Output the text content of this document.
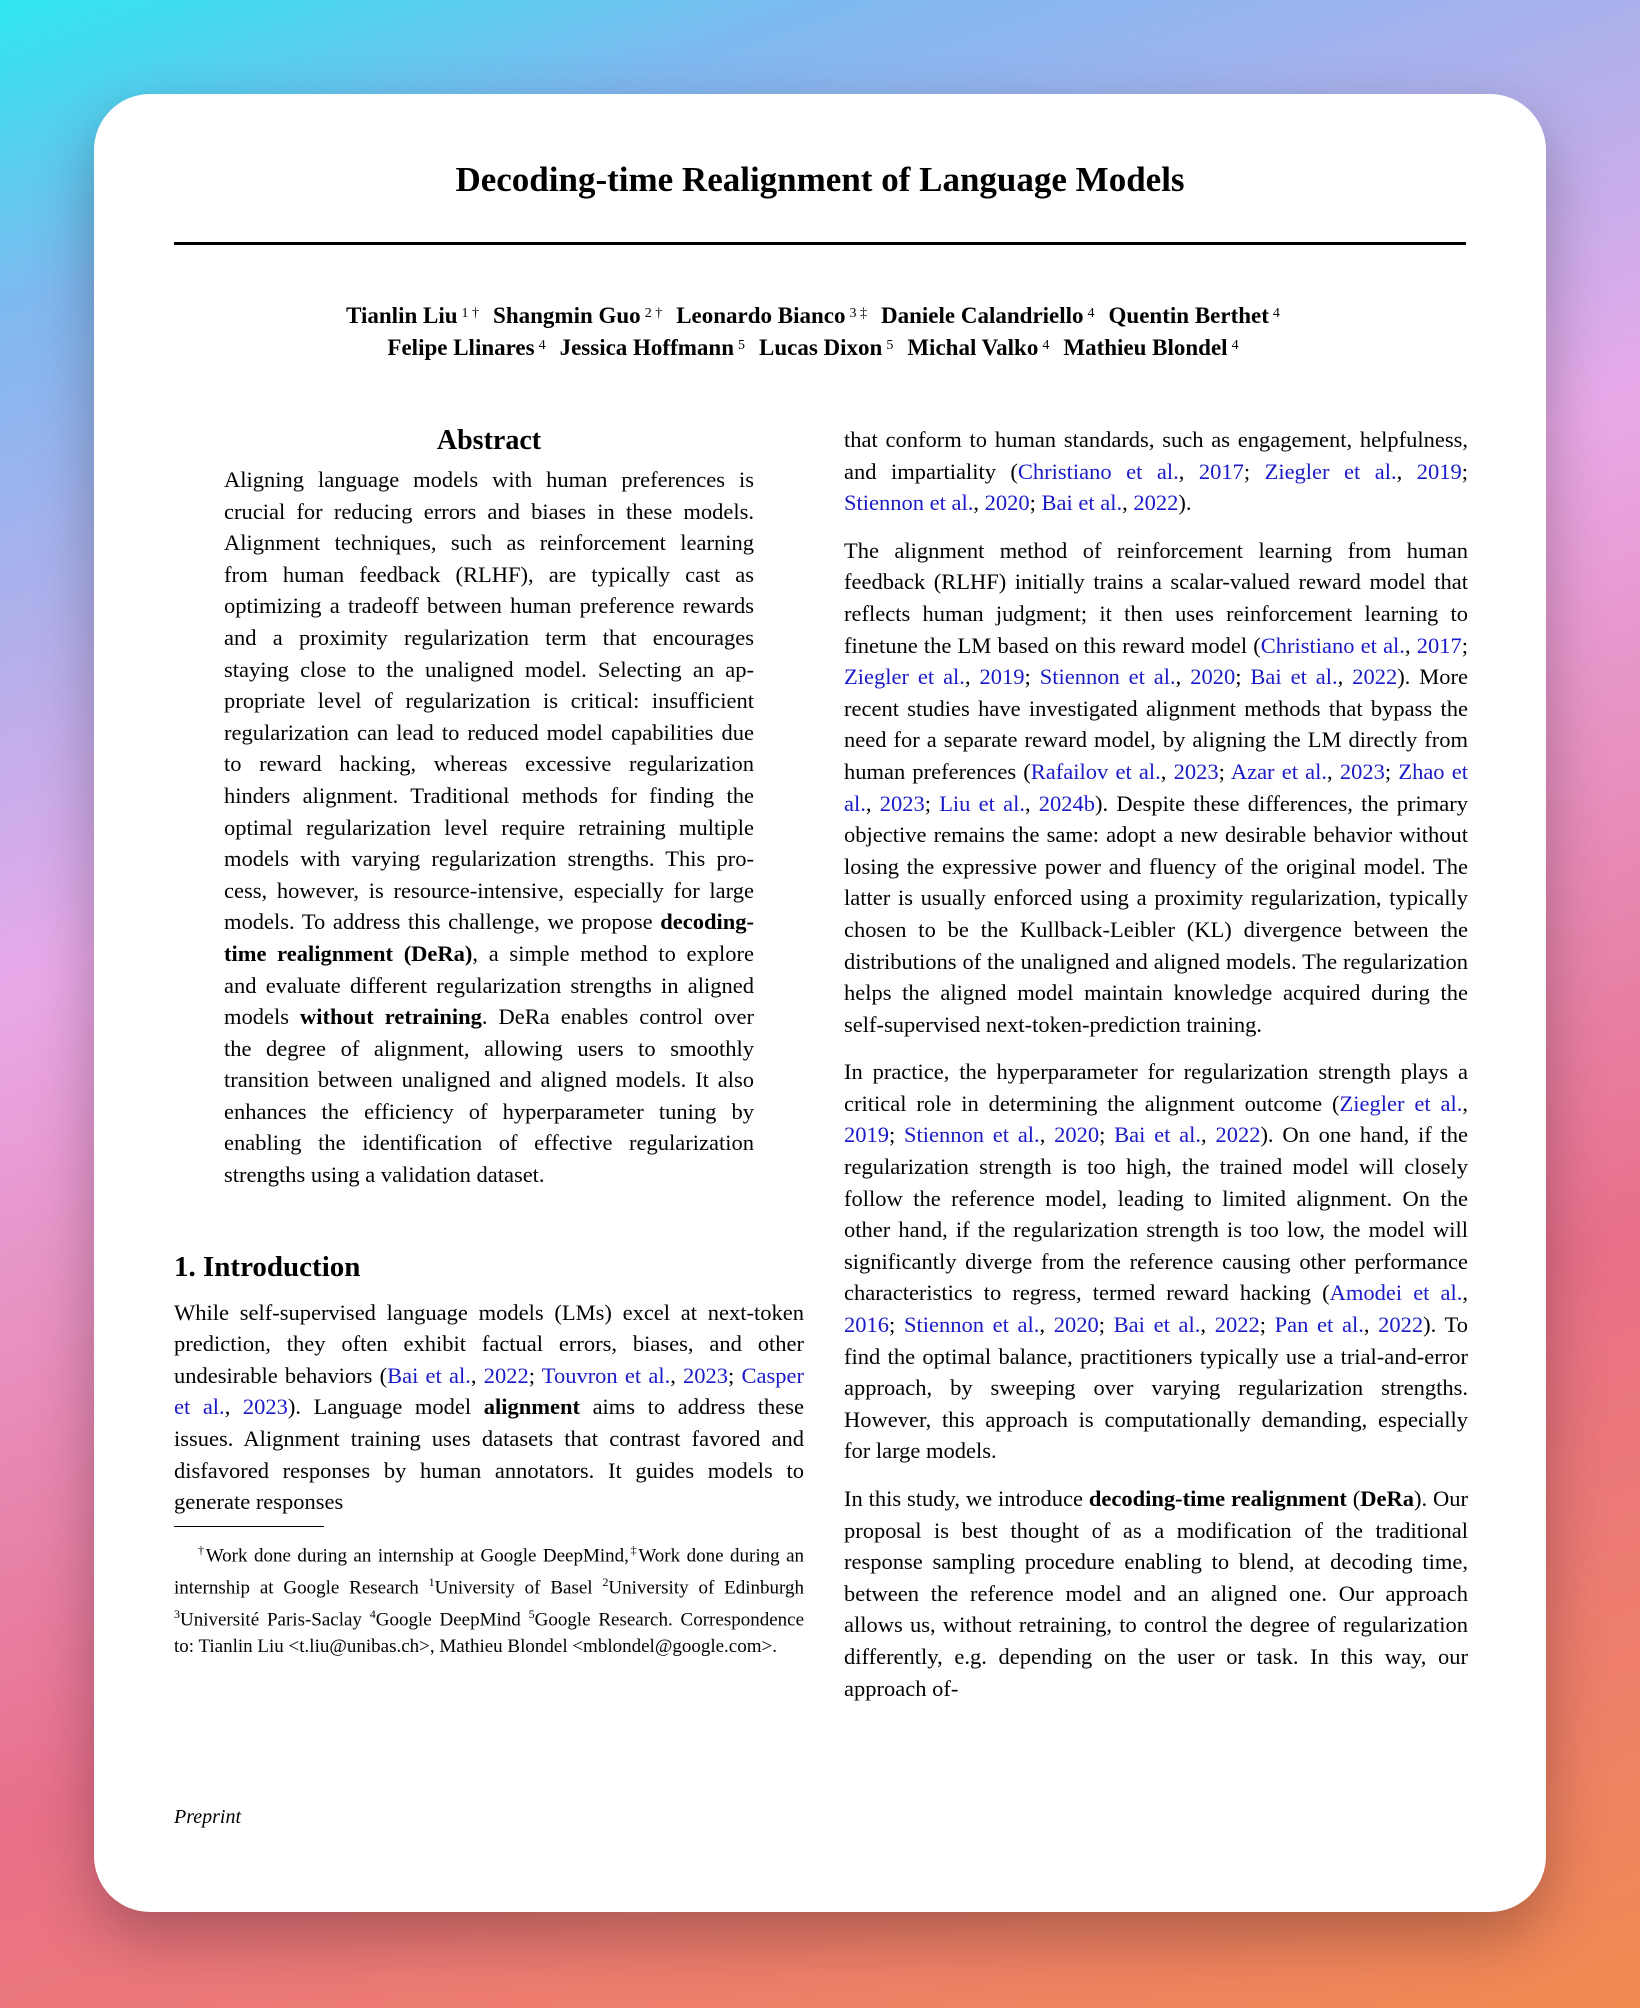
Decoding-time Realignment of Language Models
Tianlin Liu $^{1 \dagger}$ Shangmin Guo $^{2 \dagger}$ Leonardo Bianco $^{3 \ddagger}$ Daniele Calandriello $^4$ Quentin Berthet $^4$
Felipe Llinares $^4$ Jessica Hoffmann $^5$ Lucas Dixon $^5$ Michal Valko $^4$ Mathieu Blondel $^4$
Abstract

Aligning language models with human preferences is crucial for reducing errors and biases in these models. Alignment techniques, such as reinforcement learning from human feedback (RLHF), are typically cast as optimizing a tradeoff between human preference rewards and a proximity regularization term that encourages staying close to the unaligned model. Selecting an appropriate level of regularization is critical: insufficient regularization can lead to reduced model capabilities due to reward hacking, whereas excessive regularization hinders alignment. Traditional methods for finding the optimal regularization level require retraining multiple models with varying regularization strengths. This process, however, is resource-intensive, especially for large models. To address this challenge, we propose decoding-time realignment (DeRa), a simple method to explore and evaluate different regularization strengths in aligned models without retraining. DeRa enables control over the degree of alignment, allowing users to smoothly transition between unaligned and aligned models. It also enhances the efficiency of hyperparameter tuning by enabling the identification of effective regularization strengths using a validation dataset.

1. Introduction

While self-supervised language models (LMs) excel at next-token prediction, they often exhibit factual errors, biases, and other undesirable behaviors (Bai et al., 2022; Touvron et al., 2023; Casper et al., 2023). Language model alignment aims to address these issues. Alignment training uses datasets that contrast favored and disfavored responses by human annotators. It guides models to generate responses

†Work done during an internship at Google DeepMind,‡Work done during an internship at Google Research $^1$University of Basel $^2$University of Edinburgh $^3$Université Paris-Saclay $^4$Google DeepMind $^5$Google Research. Correspondence to: Tianlin Liu <t.liu@unibas.ch>, Mathieu Blondel <mblondel@google.com>.

that conform to human standards, such as engagement, helpfulness, and impartiality (Christiano et al., 2017; Ziegler et al., 2019; Stiennon et al., 2020; Bai et al., 2022).

The alignment method of reinforcement learning from human feedback (RLHF) initially trains a scalar-valued reward model that reflects human judgment; it then uses reinforcement learning to finetune the LM based on this reward model (Christiano et al., 2017; Ziegler et al., 2019; Stiennon et al., 2020; Bai et al., 2022). More recent studies have investigated alignment methods that bypass the need for a separate reward model, by aligning the LM directly from human preferences (Rafailov et al., 2023; Azar et al., 2023; Zhao et al., 2023; Liu et al., 2024b). Despite these differences, the primary objective remains the same: adopt a new desirable behavior without losing the expressive power and fluency of the original model. The latter is usually enforced using a proximity regularization, typically chosen to be the Kullback-Leibler (KL) divergence between the distributions of the unaligned and aligned models. The regularization helps the aligned model maintain knowledge acquired during the self-supervised next-token-prediction training.

In practice, the hyperparameter for regularization strength plays a critical role in determining the alignment outcome (Ziegler et al., 2019; Stiennon et al., 2020; Bai et al., 2022). On one hand, if the regularization strength is too high, the trained model will closely follow the reference model, leading to limited alignment. On the other hand, if the regularization strength is too low, the model will significantly diverge from the reference causing other performance characteristics to regress, termed reward hacking (Amodei et al., 2016; Stiennon et al., 2020; Bai et al., 2022; Pan et al., 2022). To find the optimal balance, practitioners typically use a trial-and-error approach, by sweeping over varying regularization strengths. However, this approach is computationally demanding, especially for large models.

In this study, we introduce decoding-time realignment (DeRa). Our proposal is best thought of as a modification of the traditional response sampling procedure enabling to blend, at decoding time, between the reference model and an aligned one. Our approach allows us, without retraining, to control the degree of regularization differently, e.g. depending on the user or task. In this way, our approach of-

Preprint
